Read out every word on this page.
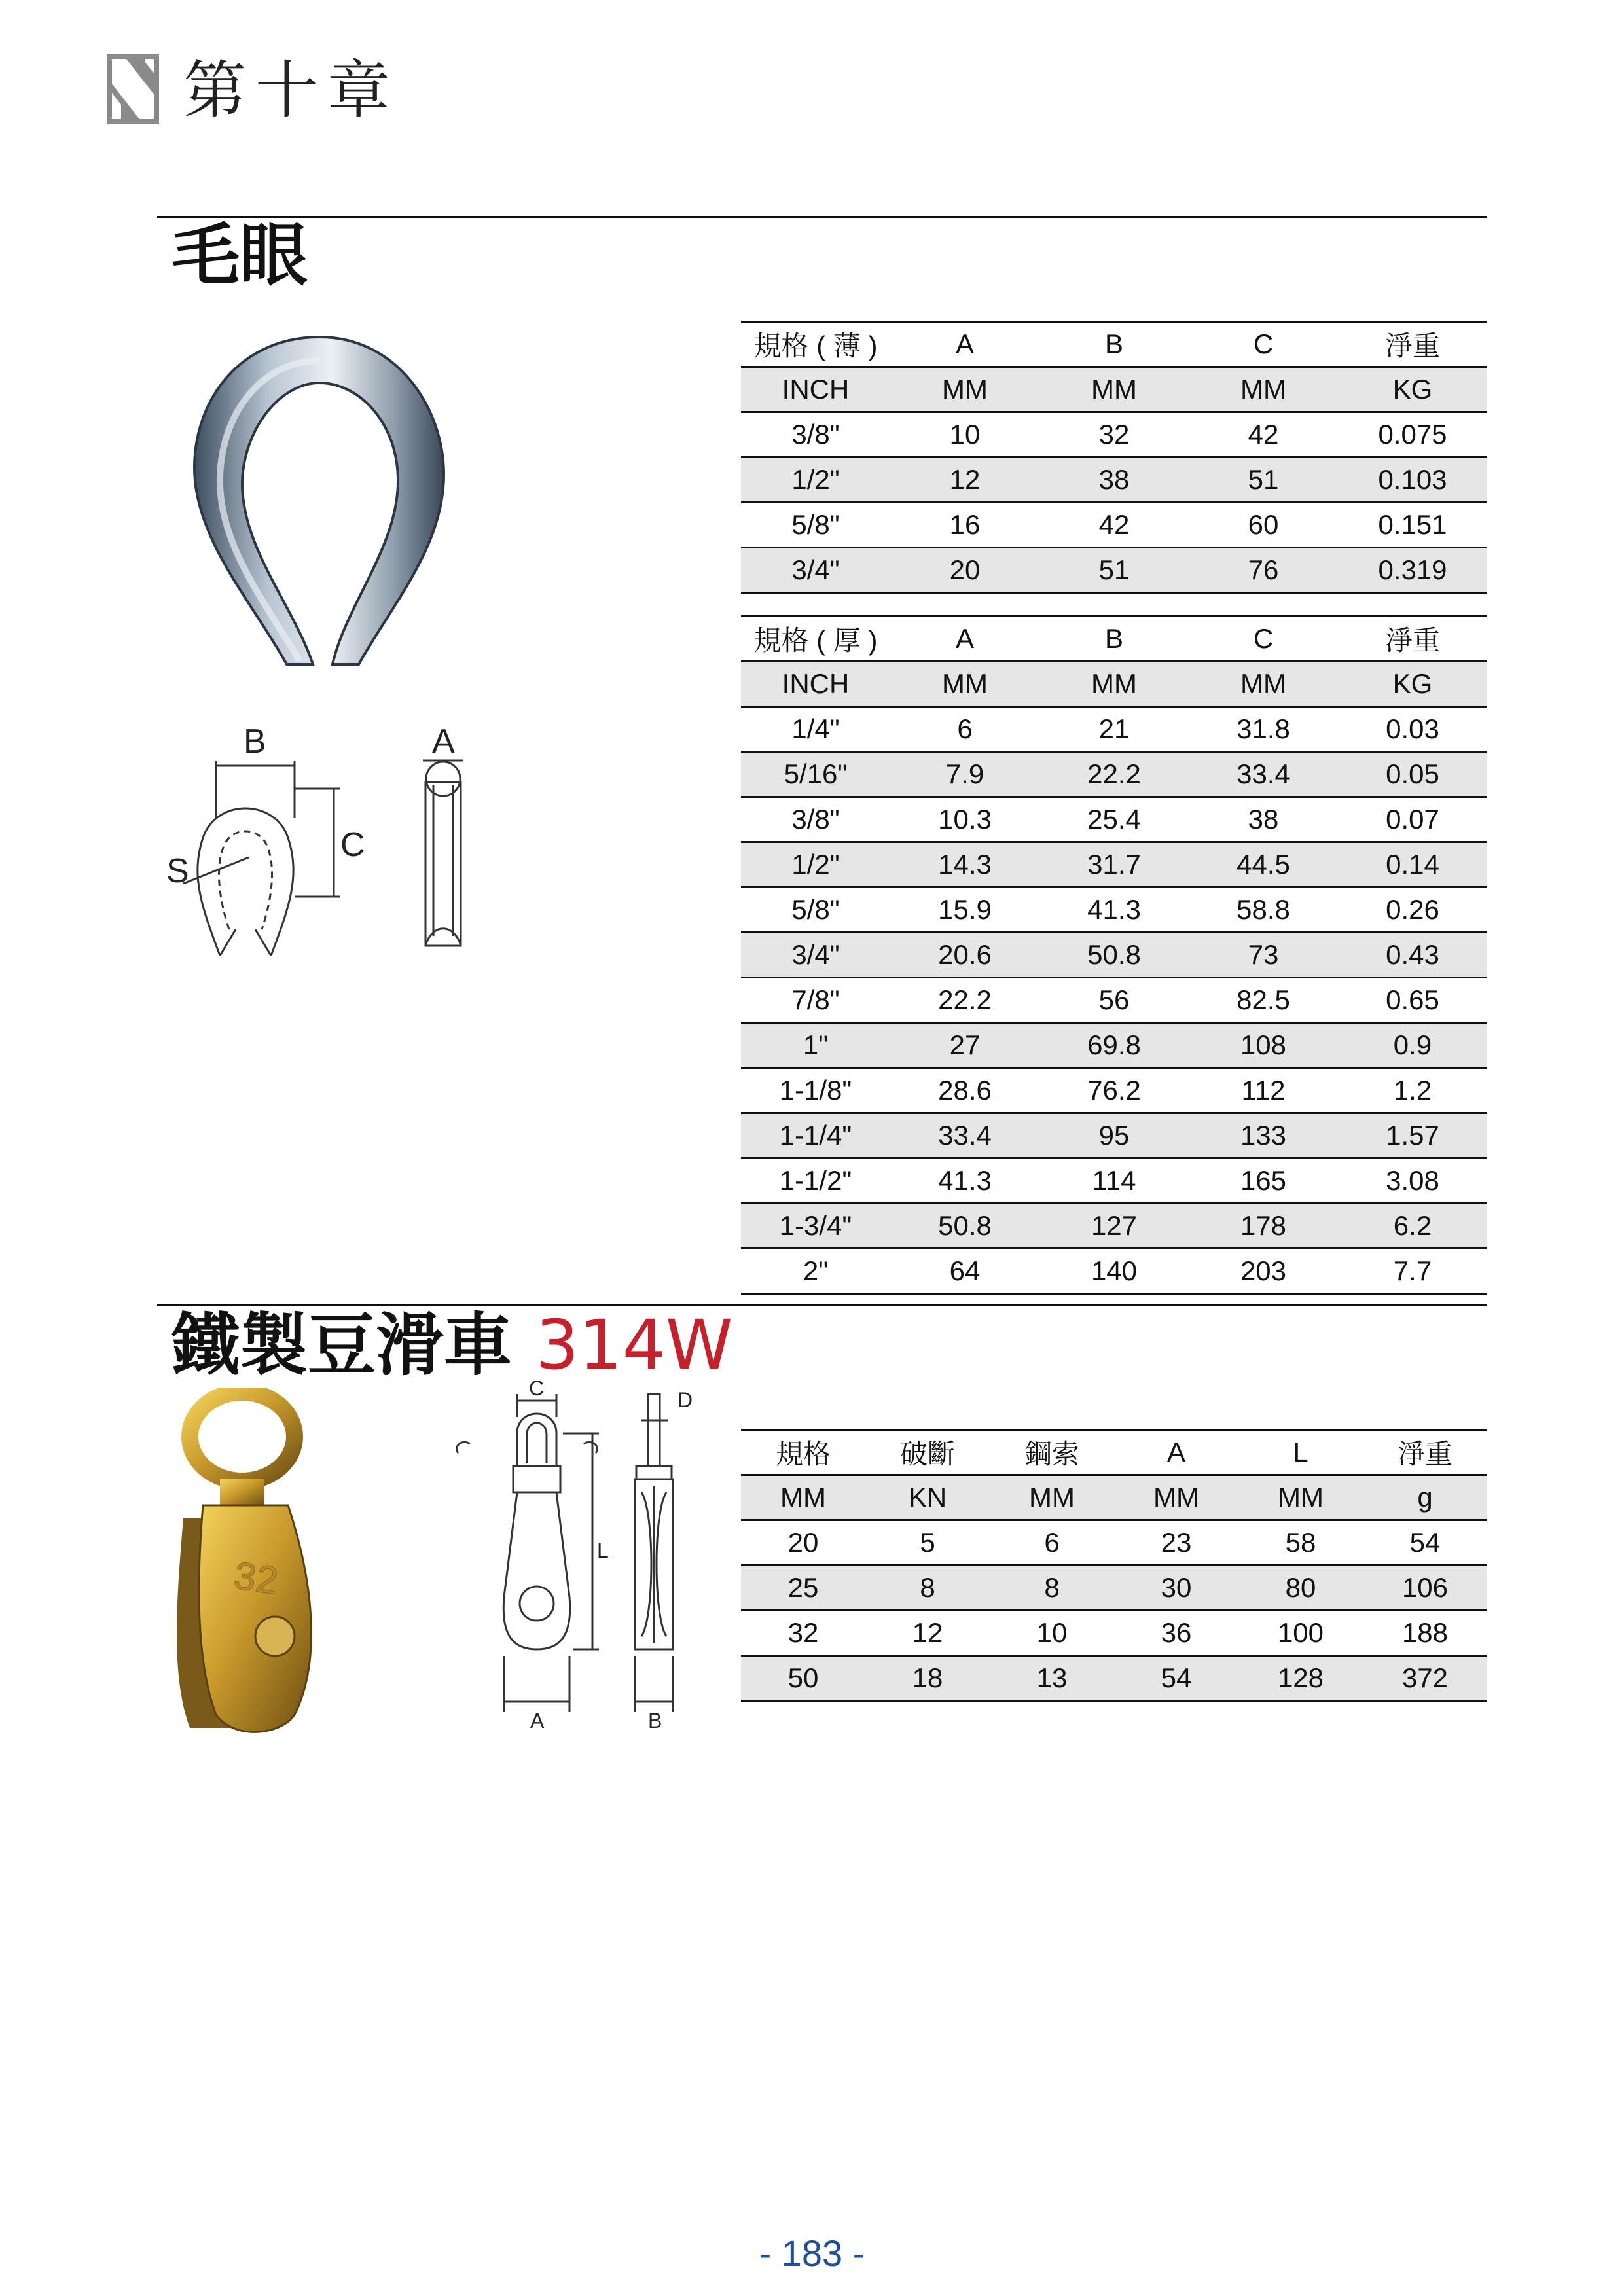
第十章
毛眼
B	A
C
S
規格 ( 薄 )	A	B	C	淨重
INCH	MM	MM	MM	KG
3/8"	10	32	42	0.075
1/2"	12	38	51	0.103
5/8"	16	42	60	0.151
3/4"	20	51	76	0.319
規格 ( 厚 )	A	B	C	淨重
INCH	MM	MM	MM	KG
1/4"	6	21	31.8	0.03
5/16"	7.9	22.2	33.4	0.05
3/8"	10.3	25.4	38	0.07
1/2"	14.3	31.7	44.5	0.14
5/8"	15.9	41.3	58.8	0.26
3/4"	20.6	50.8	73	0.43
7/8"	22.2	56	82.5	0.65
1"	27	69.8	108	0.9
1-1/8"	28.6	76.2	112	1.2
1-1/4"	33.4	95	133	1.57
1-1/2"	41.3	114	165	3.08
1-3/4"	50.8	127	178	6.2
2"	64	140	203	7.7
鐵製豆滑車 314W
32
C	D
L
A	B
規格	破斷	鋼索	A	L	淨重
MM	KN	MM	MM	MM	g
20	5	6	23	58	54
25	8	8	30	80	106
32	12	10	36	100	188
50	18	13	54	128	372
- 183 -
